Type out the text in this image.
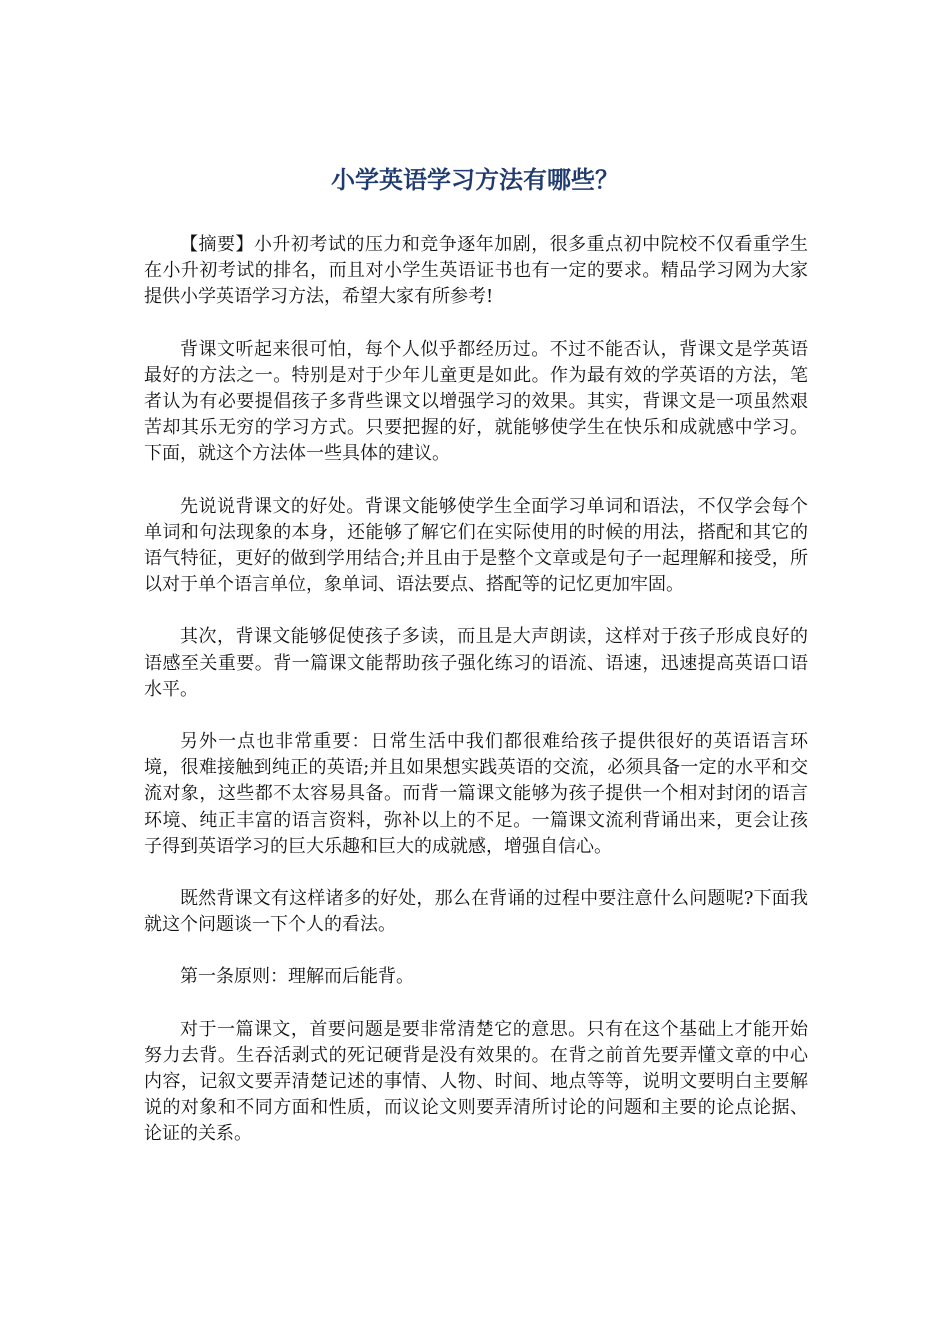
小学英语学习方法有哪些？

【摘要】小升初考试的压力和竞争逐年加剧，很多重点初中院校不仅看重学生在小升初考试的排名，而且对小学生英语证书也有一定的要求。精品学习网为大家提供小学英语学习方法，希望大家有所参考!

背课文听起来很可怕，每个人似乎都经历过。不过不能否认，背课文是学英语最好的方法之一。特别是对于少年儿童更是如此。作为最有效的学英语的方法，笔者认为有必要提倡孩子多背些课文以增强学习的效果。其实，背课文是一项虽然艰苦却其乐无穷的学习方式。只要把握的好，就能够使学生在快乐和成就感中学习。下面，就这个方法体一些具体的建议。

先说说背课文的好处。背课文能够使学生全面学习单词和语法，不仅学会每个单词和句法现象的本身，还能够了解它们在实际使用的时候的用法，搭配和其它的语气特征，更好的做到学用结合;并且由于是整个文章或是句子一起理解和接受，所以对于单个语言单位，象单词、语法要点、搭配等的记忆更加牢固。

其次，背课文能够促使孩子多读，而且是大声朗读，这样对于孩子形成良好的语感至关重要。背一篇课文能帮助孩子强化练习的语流、语速，迅速提高英语口语水平。

另外一点也非常重要：日常生活中我们都很难给孩子提供很好的英语语言环境，很难接触到纯正的英语;并且如果想实践英语的交流，必须具备一定的水平和交流对象，这些都不太容易具备。而背一篇课文能够为孩子提供一个相对封闭的语言环境、纯正丰富的语言资料，弥补以上的不足。一篇课文流利背诵出来，更会让孩子得到英语学习的巨大乐趣和巨大的成就感，增强自信心。

既然背课文有这样诸多的好处，那么在背诵的过程中要注意什么问题呢?下面我就这个问题谈一下个人的看法。

第一条原则：理解而后能背。

对于一篇课文，首要问题是要非常清楚它的意思。只有在这个基础上才能开始努力去背。生吞活剥式的死记硬背是没有效果的。在背之前首先要弄懂文章的中心内容，记叙文要弄清楚记述的事情、人物、时间、地点等等，说明文要明白主要解说的对象和不同方面和性质，而议论文则要弄清所讨论的问题和主要的论点论据、论证的关系。
